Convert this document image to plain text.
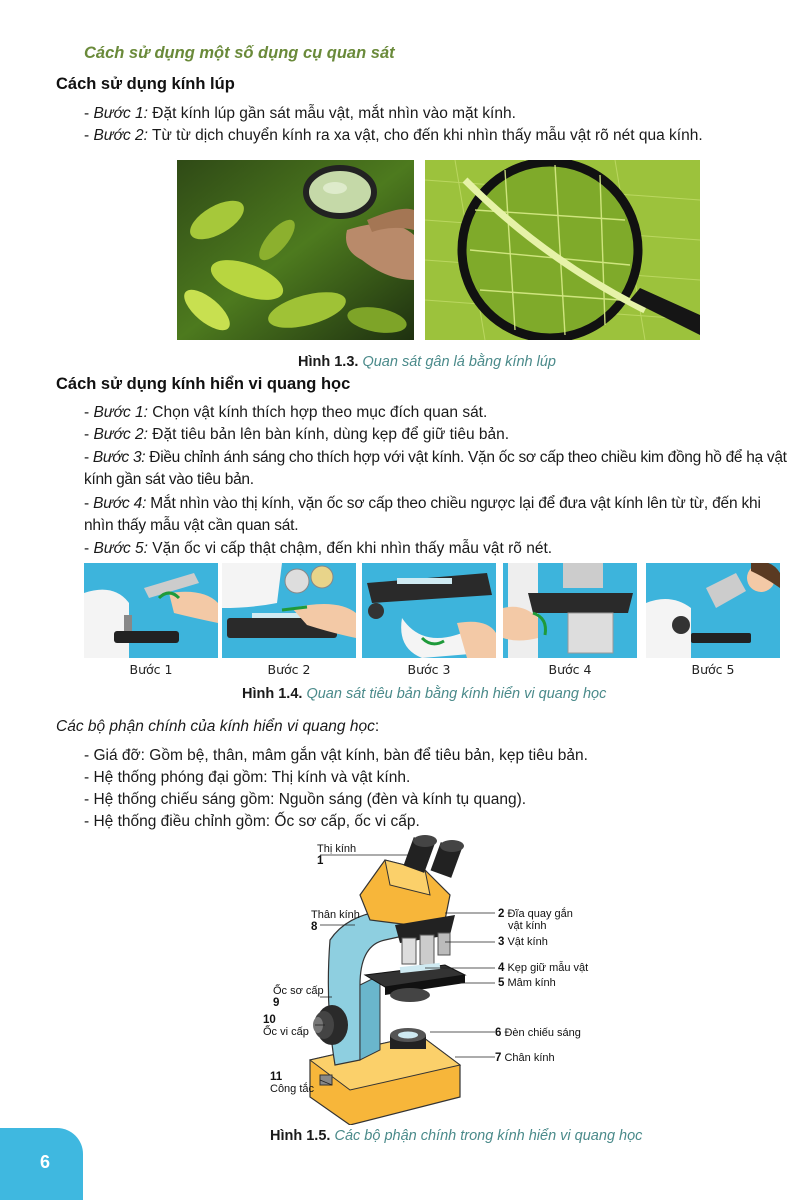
Cách sử dụng một số dụng cụ quan sát
Cách sử dụng kính lúp
- Bước 1: Đặt kính lúp gần sát mẫu vật, mắt nhìn vào mặt kính.
- Bước 2: Từ từ dịch chuyển kính ra xa vật, cho đến khi nhìn thấy mẫu vật rõ nét qua kính.
Hình 1.3. Quan sát gân lá bằng kính lúp
Cách sử dụng kính hiển vi quang học
- Bước 1: Chọn vật kính thích hợp theo mục đích quan sát.
- Bước 2: Đặt tiêu bản lên bàn kính, dùng kẹp để giữ tiêu bản.
- Bước 3: Điều chỉnh ánh sáng cho thích hợp với vật kính. Vặn ốc sơ cấp theo chiều kim đồng hồ để hạ vật kính gần sát vào tiêu bản.
- Bước 4: Mắt nhìn vào thị kính, vặn ốc sơ cấp theo chiều ngược lại để đưa vật kính lên từ từ, đến khi nhìn thấy mẫu vật cần quan sát.
- Bước 5: Vặn ốc vi cấp thật chậm, đến khi nhìn thấy mẫu vật rõ nét.
Bước 1	Bước 2	Bước 3	Bước 4	Bước 5
Hình 1.4. Quan sát tiêu bản bằng kính hiển vi quang học
Các bộ phận chính của kính hiển vi quang học:
- Giá đỡ: Gồm bệ, thân, mâm gắn vật kính, bàn để tiêu bản, kẹp tiêu bản.
- Hệ thống phóng đại gồm: Thị kính và vật kính.
- Hệ thống chiếu sáng gồm: Nguồn sáng (đèn và kính tụ quang).
- Hệ thống điều chỉnh gồm: Ốc sơ cấp, ốc vi cấp.
Thị kính
1
Thân kính
8
Ốc sơ cấp
9
10
Ốc vi cấp
11
Công tắc
2 Đĩa quay gắn
vật kính
3 Vật kính
4 Kẹp giữ mẫu vật
5 Mâm kính
6 Đèn chiếu sáng
7 Chân kính
Hình 1.5. Các bộ phận chính trong kính hiển vi quang học
6
